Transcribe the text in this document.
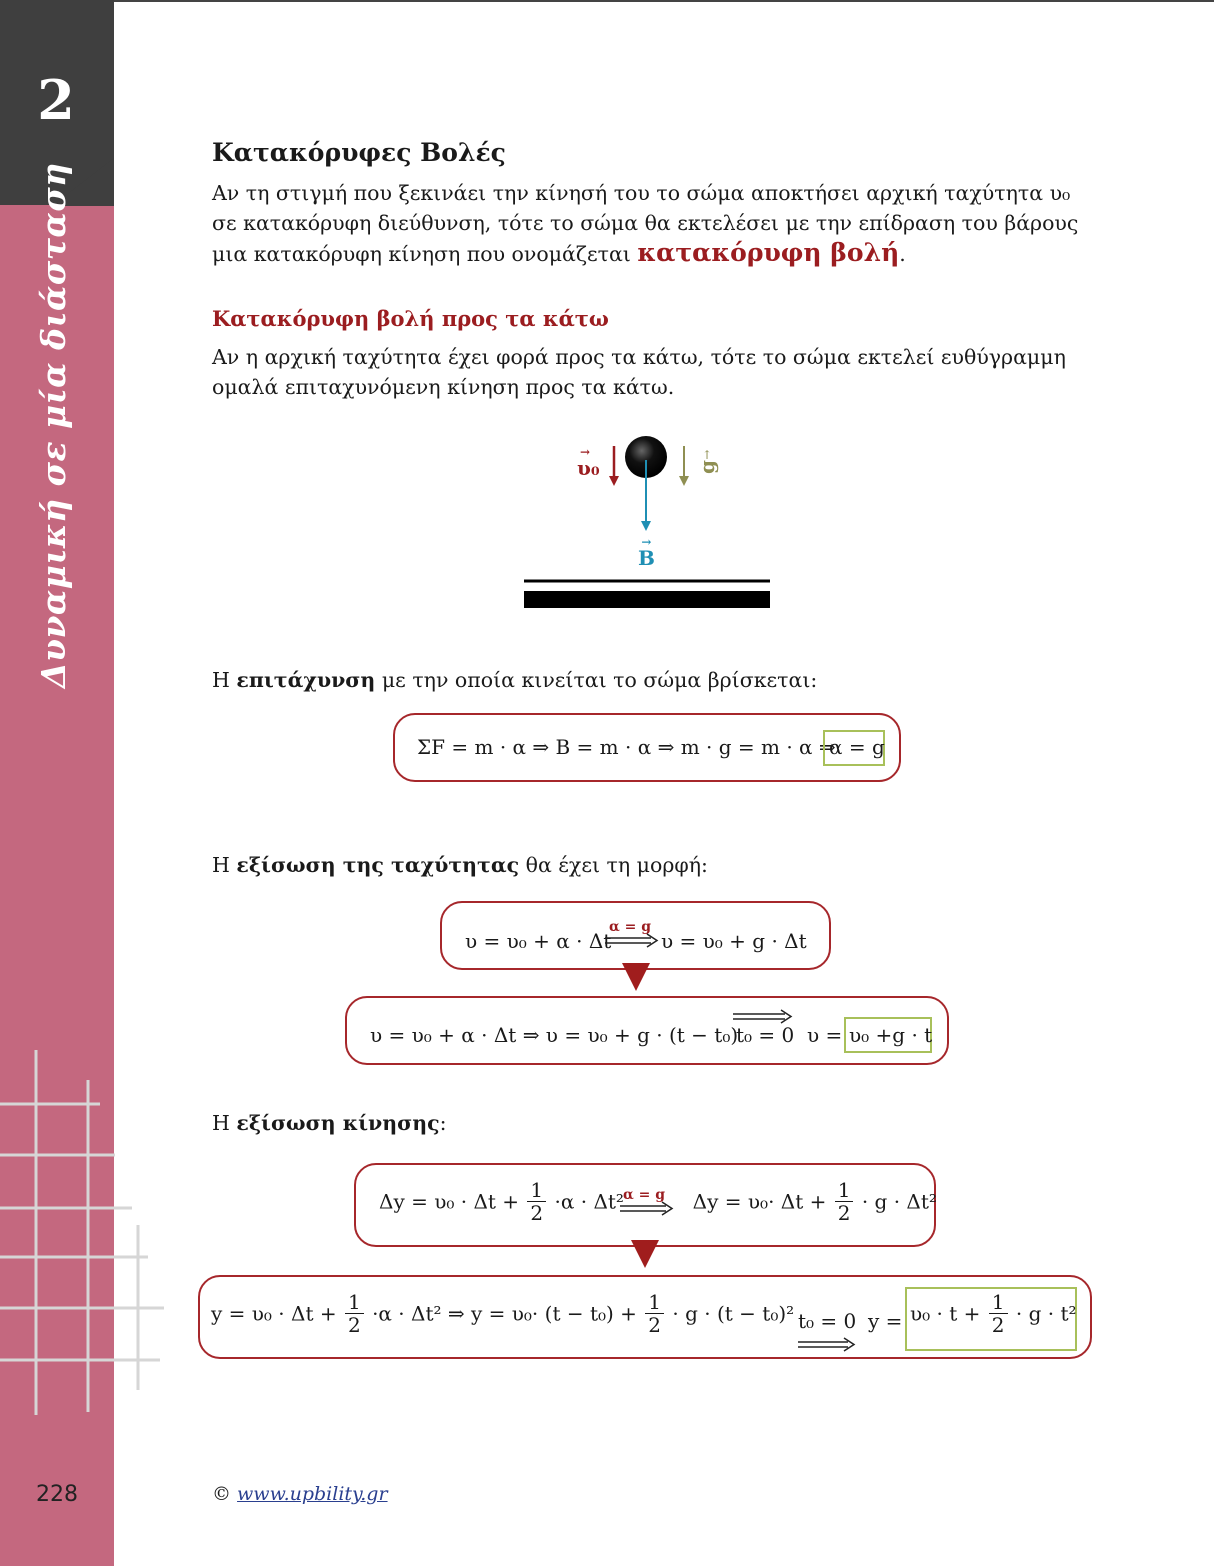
2
Δυναμική σε μία διάσταση
228
Κατακόρυφες Βολές

Αν τη στιγμή που ξεκινάει την κίνησή του το σώμα αποκτήσει αρχική ταχύτητα υ₀ σε κατακόρυφη διεύθυνση, τότε το σώμα θα εκτελέσει με την επίδραση του βάρους μια κατακόρυφη κίνηση που ονομάζεται κατακόρυφη βολή.

Κατακόρυφη βολή προς τα κάτω

Αν η αρχική ταχύτητα έχει φορά προς τα κάτω, τότε το σώμα εκτελεί ευθύγραμμη ομαλά επιταχυνόμενη κίνηση προς τα κάτω.

→
υ₀	g
↑
→
B

Η επιτάχυνση με την οποία κινείται το σώμα βρίσκεται:

ΣF = m · α ⇒ B = m · α ⇒ m · g = m · α ⇒
α = g

Η εξίσωση της ταχύτητας θα έχει τη μορφή:

υ = υ₀ + α · Δt
α = g
υ = υ₀ + g · Δt
υ = υ₀ + α · Δt ⇒ υ = υ₀ + g · (t − t₀)
t₀ = 0 υ = υ₀ +g · t

Η εξίσωση κίνησης:

$\Delta y = \upsilon_0 \cdot \Delta t + \frac{1}{2} \cdot\alpha \cdot \Delta t^2$	$\Delta y = \upsilon_0\cdot \Delta t + \frac{1}{2} \cdot g \cdot \Delta t^2$
α = g
$y = \upsilon_0 \cdot \Delta t + \frac{1}{2} \cdot\alpha \cdot \Delta t^2$ ⇒ $y = \upsilon_0\cdot (t - t_0) + \frac{1}{2} \cdot g \cdot (t - t_0)^2$ t₀ = 0 $y = \upsilon_0 \cdot t + \frac{1}{2} \cdot g \cdot t^2$
© www.upbility.gr
